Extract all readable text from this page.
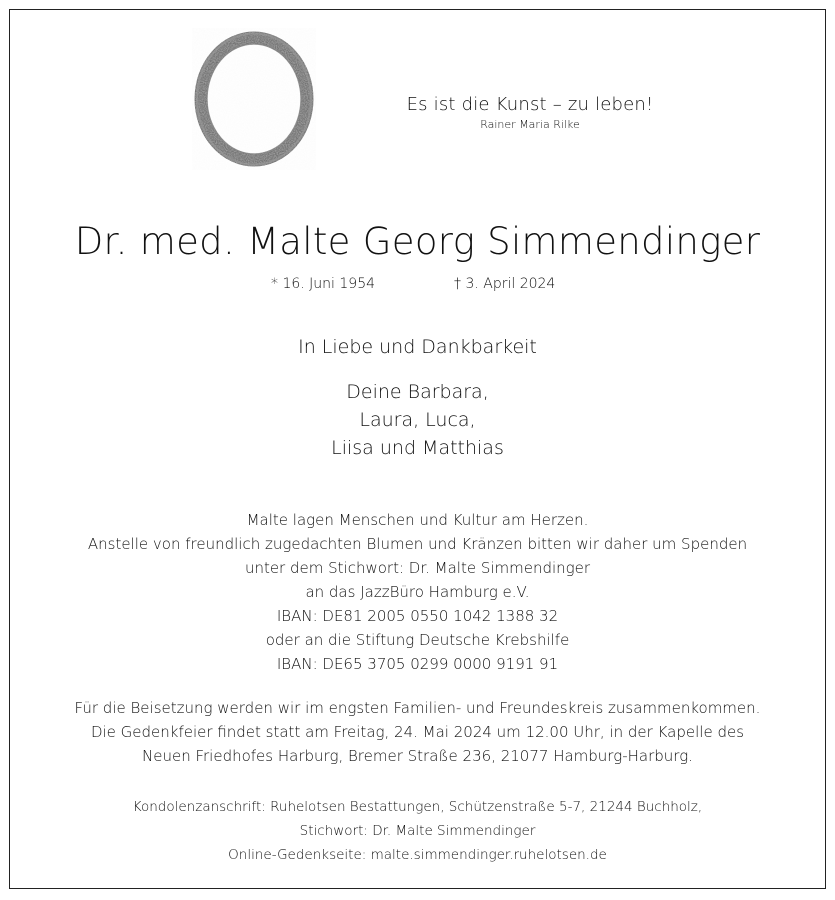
Es ist die Kunst – zu leben!
Rainer Maria Rilke
Dr. med. Malte Georg Simmendinger
* 16. Juni 1954	† 3. April 2024
In Liebe und Dankbarkeit
Deine Barbara,
Laura, Luca,
Liisa und Matthias
Malte lagen Menschen und Kultur am Herzen.
Anstelle von freundlich zugedachten Blumen und Kränzen bitten wir daher um Spenden
unter dem Stichwort: Dr. Malte Simmendinger
an das JazzBüro Hamburg e.V.
IBAN: DE81 2005 0550 1042 1388 32
oder an die Stiftung Deutsche Krebshilfe
IBAN: DE65 3705 0299 0000 9191 91
Für die Beisetzung werden wir im engsten Familien- und Freundeskreis zusammenkommen.
Die Gedenkfeier findet statt am Freitag, 24. Mai 2024 um 12.00 Uhr, in der Kapelle des
Neuen Friedhofes Harburg, Bremer Straße 236, 21077 Hamburg-Harburg.
Kondolenzanschrift: Ruhelotsen Bestattungen, Schützenstraße 5-7, 21244 Buchholz,
Stichwort: Dr. Malte Simmendinger
Online-Gedenkseite: malte.simmendinger.ruhelotsen.de
